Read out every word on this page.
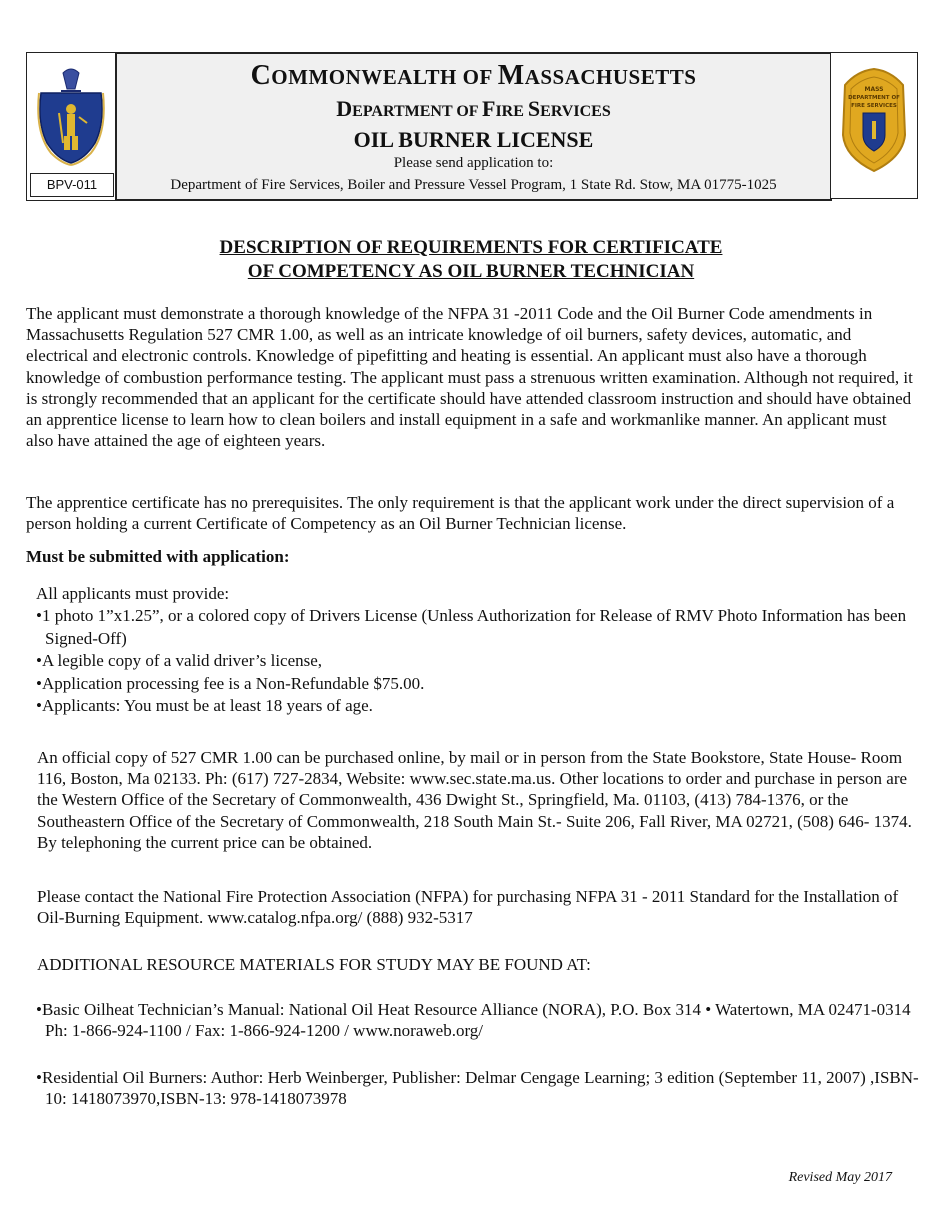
BPV-011
COMMONWEALTH OF MASSACHUSETTS
DEPARTMENT OF FIRE SERVICES
OIL BURNER LICENSE
Please send application to:
Department of Fire Services, Boiler and Pressure Vessel Program, 1 State Rd. Stow, MA 01775-1025
MASS
DEPARTMENT OF
FIRE SERVICES
DESCRIPTION OF REQUIREMENTS FOR CERTIFICATE
OF COMPETENCY AS OIL BURNER TECHNICIAN
The applicant must demonstrate a thorough knowledge of the NFPA 31 -2011 Code and the Oil Burner Code amendments in Massachusetts Regulation 527 CMR 1.00, as well as an intricate knowledge of oil burners, safety devices, automatic, and electrical and electronic controls. Knowledge of pipefitting and heating is essential. An applicant must also have a thorough knowledge of combustion performance testing. The applicant must pass a strenuous written examination. Although not required, it is strongly recommended that an applicant for the certificate should have attended classroom instruction and should have obtained an apprentice license to learn how to clean boilers and install equipment in a safe and workmanlike manner. An applicant must also have attained the age of eighteen years.
The apprentice certificate has no prerequisites. The only requirement is that the applicant work under the direct supervision of a person holding a current Certificate of Competency as an Oil Burner Technician license.
Must be submitted with application:
All applicants must provide:
•1 photo 1”x1.25”, or a colored copy of Drivers License (Unless Authorization for Release of RMV Photo Information has been Signed-Off)
•A legible copy of a valid driver’s license,
•Application processing fee is a Non-Refundable $75.00.
•Applicants: You must be at least 18 years of age.
An official copy of 527 CMR 1.00 can be purchased online, by mail or in person from the State Bookstore, State House- Room 116, Boston, Ma 02133. Ph: (617) 727-2834, Website: www.sec.state.ma.us. Other locations to order and purchase in person are the Western Office of the Secretary of Commonwealth, 436 Dwight St., Springfield, Ma. 01103, (413) 784-1376, or the Southeastern Office of the Secretary of Commonwealth, 218 South Main St.- Suite 206, Fall River, MA 02721, (508) 646- 1374. By telephoning the current price can be obtained.
Please contact the National Fire Protection Association (NFPA) for purchasing NFPA 31 - 2011 Standard for the Installation of Oil-Burning Equipment. www.catalog.nfpa.org/ (888) 932-5317
ADDITIONAL RESOURCE MATERIALS FOR STUDY MAY BE FOUND AT:
•Basic Oilheat Technician’s Manual: National Oil Heat Resource Alliance (NORA), P.O. Box 314 • Watertown, MA 02471-0314 Ph: 1-866-924-1100 / Fax: 1-866-924-1200 / www.noraweb.org/
•Residential Oil Burners: Author: Herb Weinberger, Publisher: Delmar Cengage Learning; 3 edition (September 11, 2007) ,ISBN-10: 1418073970,ISBN-13: 978-1418073978
Revised May 2017
